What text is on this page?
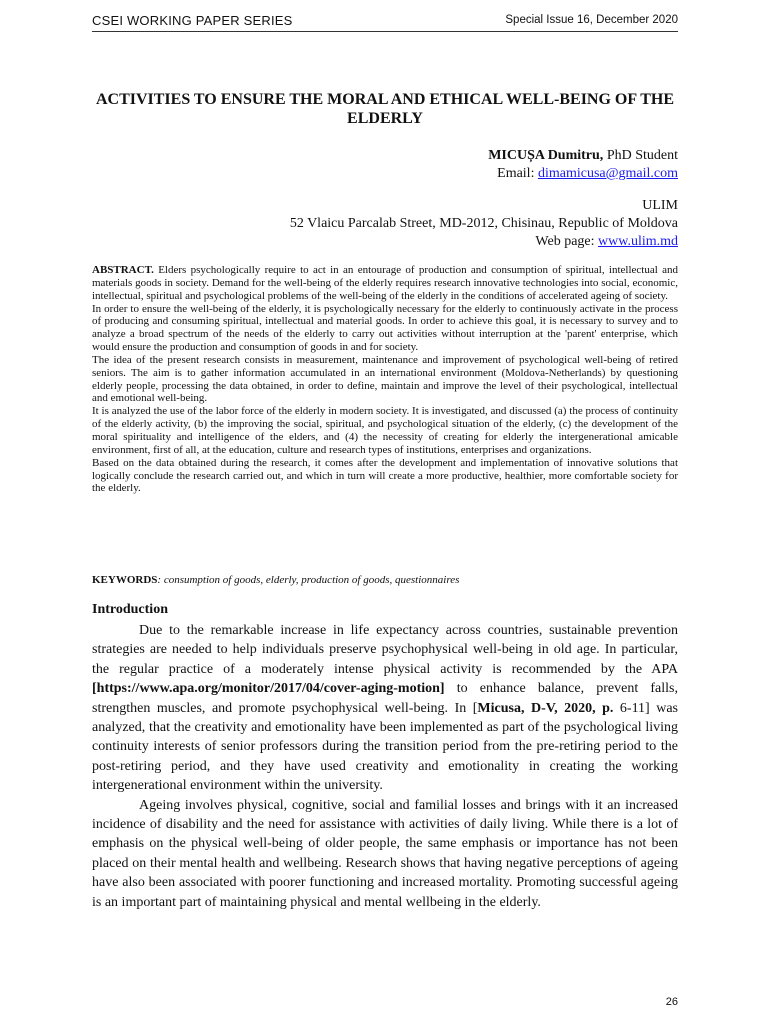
CSEI WORKING PAPER SERIES	Special Issue 16, December 2020
ACTIVITIES TO ENSURE THE MORAL AND ETHICAL WELL-BEING OF THE ELDERLY
MICUȘA Dumitru, PhD Student
Email: dimamicusa@gmail.com
ULIM
52 Vlaicu Parcalab Street, MD-2012, Chisinau, Republic of Moldova
Web page: www.ulim.md

ABSTRACT. Elders psychologically require to act in an entourage of production and consumption of spiritual, intellectual and materials goods in society. Demand for the well-being of the elderly requires research innovative technologies into social, economic, intellectual, spiritual and psychological problems of the well-being of the elderly in the conditions of accelerated ageing of society.

In order to ensure the well-being of the elderly, it is psychologically necessary for the elderly to continuously activate in the process of producing and consuming spiritual, intellectual and material goods. In order to achieve this goal, it is necessary to survey and to analyze a broad spectrum of the needs of the elderly to carry out activities without interruption at the 'parent' enterprise, which would ensure the production and consumption of goods in and for society.

The idea of the present research consists in measurement, maintenance and improvement of psychological well-being of retired seniors. The aim is to gather information accumulated in an international environment (Moldova-Netherlands) by questioning elderly people, processing the data obtained, in order to define, maintain and improve the level of their psychological, intellectual and emotional well-being.

It is analyzed the use of the labor force of the elderly in modern society. It is investigated, and discussed (a) the process of continuity of the elderly activity, (b) the improving the social, spiritual, and psychological situation of the elderly, (c) the development of the moral spirituality and intelligence of the elders, and (4) the necessity of creating for elderly the intergenerational amicable environment, first of all, at the education, culture and research types of institutions, enterprises and organizations.

Based on the data obtained during the research, it comes after the development and implementation of innovative solutions that logically conclude the research carried out, and which in turn will create a more productive, healthier, more comfortable society for the elderly.

KEYWORDS: consumption of goods, elderly, production of goods, questionnaires
Introduction

Due to the remarkable increase in life expectancy across countries, sustainable prevention strategies are needed to help individuals preserve psychophysical well-being in old age. In particular, the regular practice of a moderately intense physical activity is recommended by the APA [https://www.apa.org/monitor/2017/04/cover-aging-motion] to enhance balance, prevent falls, strengthen muscles, and promote psychophysical well-being. In [Micusa, D-V, 2020, p. 6-11] was analyzed, that the creativity and emotionality have been implemented as part of the psychological living continuity interests of senior professors during the transition period from the pre-retiring period to the post-retiring period, and they have used creativity and emotionality in creating the working intergenerational environment within the university.

Ageing involves physical, cognitive, social and familial losses and brings with it an increased incidence of disability and the need for assistance with activities of daily living. While there is a lot of emphasis on the physical well-being of older people, the same emphasis or importance has not been placed on their mental health and wellbeing. Research shows that having negative perceptions of ageing have also been associated with poorer functioning and increased mortality. Promoting successful ageing is an important part of maintaining physical and mental wellbeing in the elderly.

26
